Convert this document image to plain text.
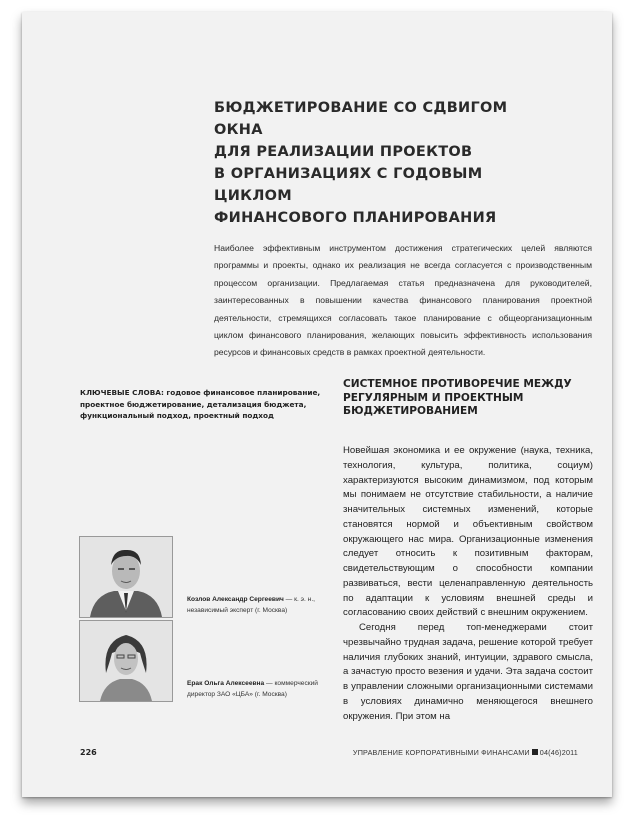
БЮДЖЕТИРОВАНИЕ СО СДВИГОМ ОКНА
ДЛЯ РЕАЛИЗАЦИИ ПРОЕКТОВ
В ОРГАНИЗАЦИЯХ С ГОДОВЫМ ЦИКЛОМ
ФИНАНСОВОГО ПЛАНИРОВАНИЯ

Наиболее эффективным инструментом достижения стратегических целей являются программы и проекты, однако их реализация не всегда согласуется с производственным процессом организации. Предлагаемая статья предназначена для руководителей, заинтересованных в повышении качества финансового планирования проектной деятельности, стремящихся согласовать такое планирование с общеорганизационным циклом финансового планирования, желающих повысить эффективность использования ресурсов и финансовых средств в рамках проектной деятельности.

КЛЮЧЕВЫЕ СЛОВА: годовое финансовое планирование, проектное бюджетирование, детализация бюджета, функциональный подход, проектный подход

Козлов Александр Сергеевич — к. э. н., независимый эксперт (г. Москва)
Ерак Ольга Алексеевна — коммерческий директор ЗАО «ЦБА» (г. Москва)
СИСТЕМНОЕ ПРОТИВОРЕЧИЕ МЕЖДУ
РЕГУЛЯРНЫМ И ПРОЕКТНЫМ
БЮДЖЕТИРОВАНИЕМ

Новейшая экономика и ее окружение (наука, техника, технология, культура, политика, социум) характеризуются высоким динамизмом, под которым мы понимаем не отсутствие стабильности, а наличие значительных системных изменений, которые становятся нормой и объективным свойством окружающего нас мира. Организационные изменения следует относить к позитивным факторам, свидетельствующим о способности компании развиваться, вести целенаправленную деятельность по адаптации к условиям внешней среды и согласованию своих действий с внешним окружением.

Сегодня перед топ-менеджерами стоит чрезвычайно трудная задача, решение которой требует наличия глубоких знаний, интуиции, здравого смысла, а зачастую просто везения и удачи. Эта задача состоит в управлении сложными организационными системами в условиях динамично меняющегося внешнего окружения. При этом на

226	УПРАВЛЕНИЕ КОРПОРАТИВНЫМИ ФИНАНСАМИ 04(46)2011
